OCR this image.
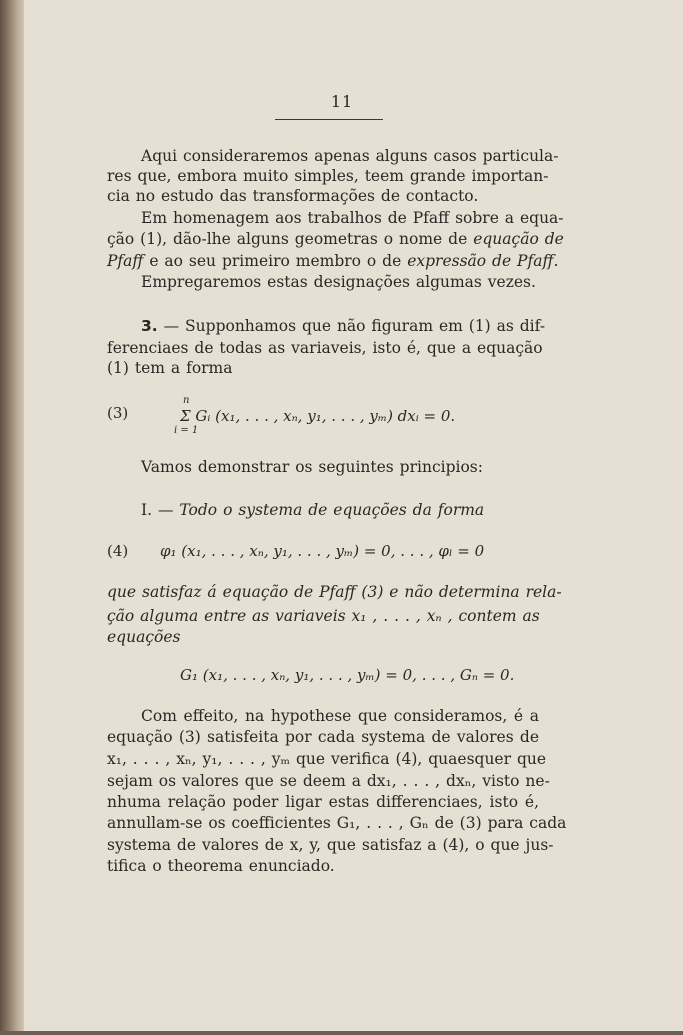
11
Aqui consideraremos apenas alguns casos particula-
res que, embora muito simples, teem grande importan-
cia no estudo das transformações de contacto.
Em homenagem aos trabalhos de Pfaff sobre a equa-
ção (1), dão-lhe alguns geometras o nome de equação de
Pfaff e ao seu primeiro membro o de expressão de Pfaff.
Empregaremos estas designações algumas vezes.
3. — Supponhamos que não figuram em (1) as dif-
ferenciaes de todas as variaveis, isto é, que a equação
(1) tem a forma
(3)
n
i = 1
Σ Gᵢ (x₁, . . . , xₙ, y₁, . . . , yₘ) dxᵢ = 0.
Vamos demonstrar os seguintes principios:
I. — Todo o systema de equações da forma
(4) φ₁ (x₁, . . . , xₙ, y₁, . . . , yₘ) = 0, . . . , φₗ = 0
que satisfaz á equação de Pfaff (3) e não determina rela-
ção alguma entre as variaveis x₁ , . . . , xₙ , contem as
equações
G₁ (x₁, . . . , xₙ, y₁, . . . , yₘ) = 0, . . . , Gₙ = 0.
Com effeito, na hypothese que consideramos, é a
equação (3) satisfeita por cada systema de valores de
x₁, . . . , xₙ, y₁, . . . , yₘ que verifica (4), quaesquer que
sejam os valores que se deem a dx₁, . . . , dxₙ, visto ne-
nhuma relação poder ligar estas differenciaes, isto é,
annullam-se os coefficientes G₁, . . . , Gₙ de (3) para cada
systema de valores de x, y, que satisfaz a (4), o que jus-
tifica o theorema enunciado.
